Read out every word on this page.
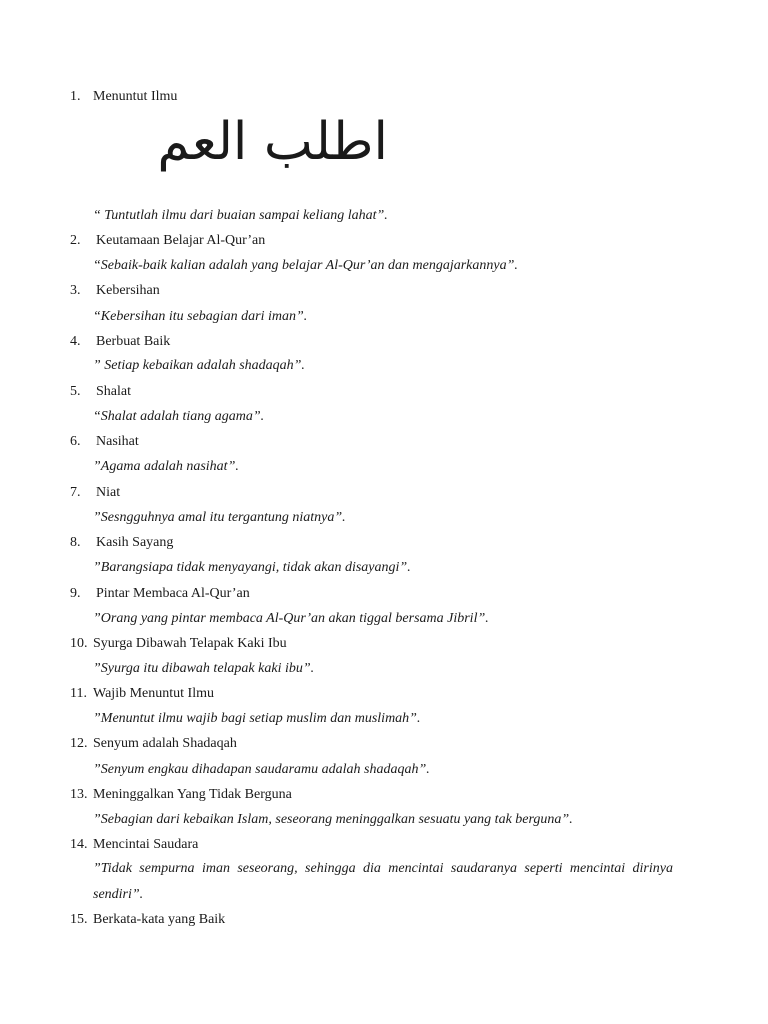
1. Menuntut Ilmu
اطلب العم
“ Tuntutlah ilmu dari buaian sampai keliang lahat”.
2. Keutamaan Belajar Al-Qur’an
“Sebaik-baik kalian adalah yang belajar Al-Qur’an dan mengajarkannya”.
3. Kebersihan
“Kebersihan itu sebagian dari iman”.
4. Berbuat Baik
” Setiap kebaikan adalah shadaqah”.
5. Shalat
“Shalat adalah tiang agama”.
6. Nasihat
”Agama adalah nasihat”.
7. Niat
”Sesngguhnya amal itu tergantung niatnya”.
8. Kasih Sayang
”Barangsiapa tidak menyayangi, tidak akan disayangi”.
9. Pintar Membaca Al-Qur’an
”Orang yang pintar membaca Al-Qur’an akan tiggal bersama Jibril”.
10. Syurga Dibawah Telapak Kaki Ibu
”Syurga itu dibawah telapak kaki ibu”.
11. Wajib Menuntut Ilmu
”Menuntut ilmu wajib bagi setiap muslim dan muslimah”.
12. Senyum adalah Shadaqah
”Senyum engkau dihadapan saudaramu adalah shadaqah”.
13. Meninggalkan Yang Tidak Berguna
”Sebagian dari kebaikan Islam, seseorang meninggalkan sesuatu yang tak berguna”.
14. Mencintai Saudara
”Tidak sempurna iman seseorang, sehingga dia mencintai saudaranya seperti mencintai dirinya sendiri”.
15. Berkata-kata yang Baik
